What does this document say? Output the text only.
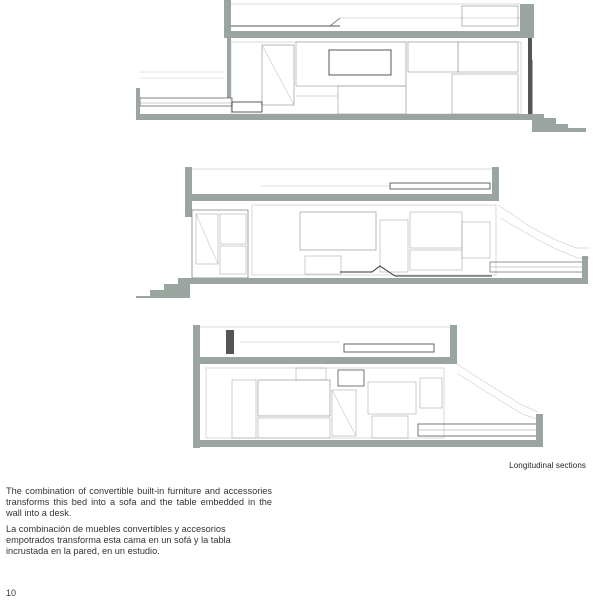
Longitudinal sections

The combination of convertible built-in furniture and accessories transforms this bed into a sofa and the table embedded in the wall into a desk.

La combinación de muebles convertibles y accesorios empotrados transforma esta cama en un sofá y la tabla incrustada en la pared, en un estudio.

10
